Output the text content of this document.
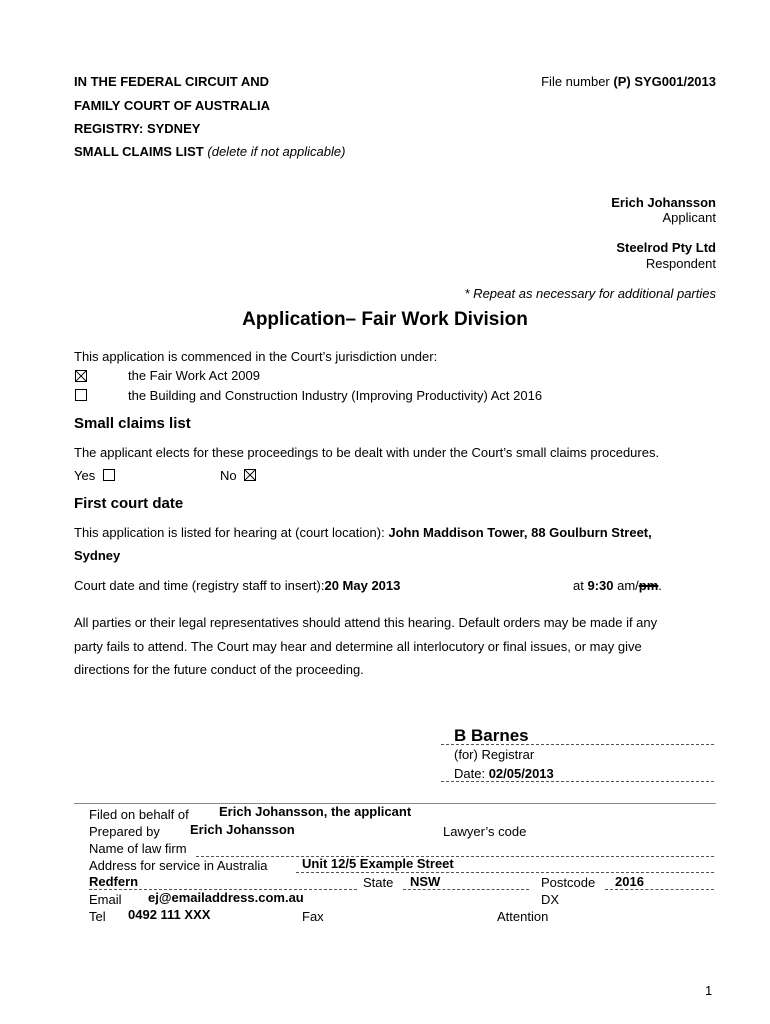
IN THE FEDERAL CIRCUIT AND
FAMILY COURT OF AUSTRALIA
REGISTRY: SYDNEY
SMALL CLAIMS LIST (delete if not applicable)
File number (P) SYG001/2013
Erich Johansson
Applicant
Steelrod Pty Ltd
Respondent
* Repeat as necessary for additional parties
Application– Fair Work Division
This application is commenced in the Court’s jurisdiction under:
the Fair Work Act 2009
the Building and Construction Industry (Improving Productivity) Act 2016
Small claims list
The applicant elects for these proceedings to be dealt with under the Court’s small claims procedures.
Yes	No
First court date
This application is listed for hearing at (court location): John Maddison Tower, 88 Goulburn Street,
Sydney
Court date and time (registry staff to insert):20 May 2013	at 9:30 am/pm.
All parties or their legal representatives should attend this hearing. Default orders may be made if any
party fails to attend. The Court may hear and determine all interlocutory or final issues, or may give
directions for the future conduct of the proceeding.
B Barnes
(for) Registrar
Date: 02/05/2013
Filed on behalf of Erich Johansson, the applicant
Prepared by Erich Johansson	Lawyer’s code
Name of law firm
Address for service in Australia	Unit 12/5 Example Street
Redfern	State NSW	Postcode 2016
Email ej@emailaddress.com.au	DX
Tel 0492 111 XXX	Fax	Attention
1
